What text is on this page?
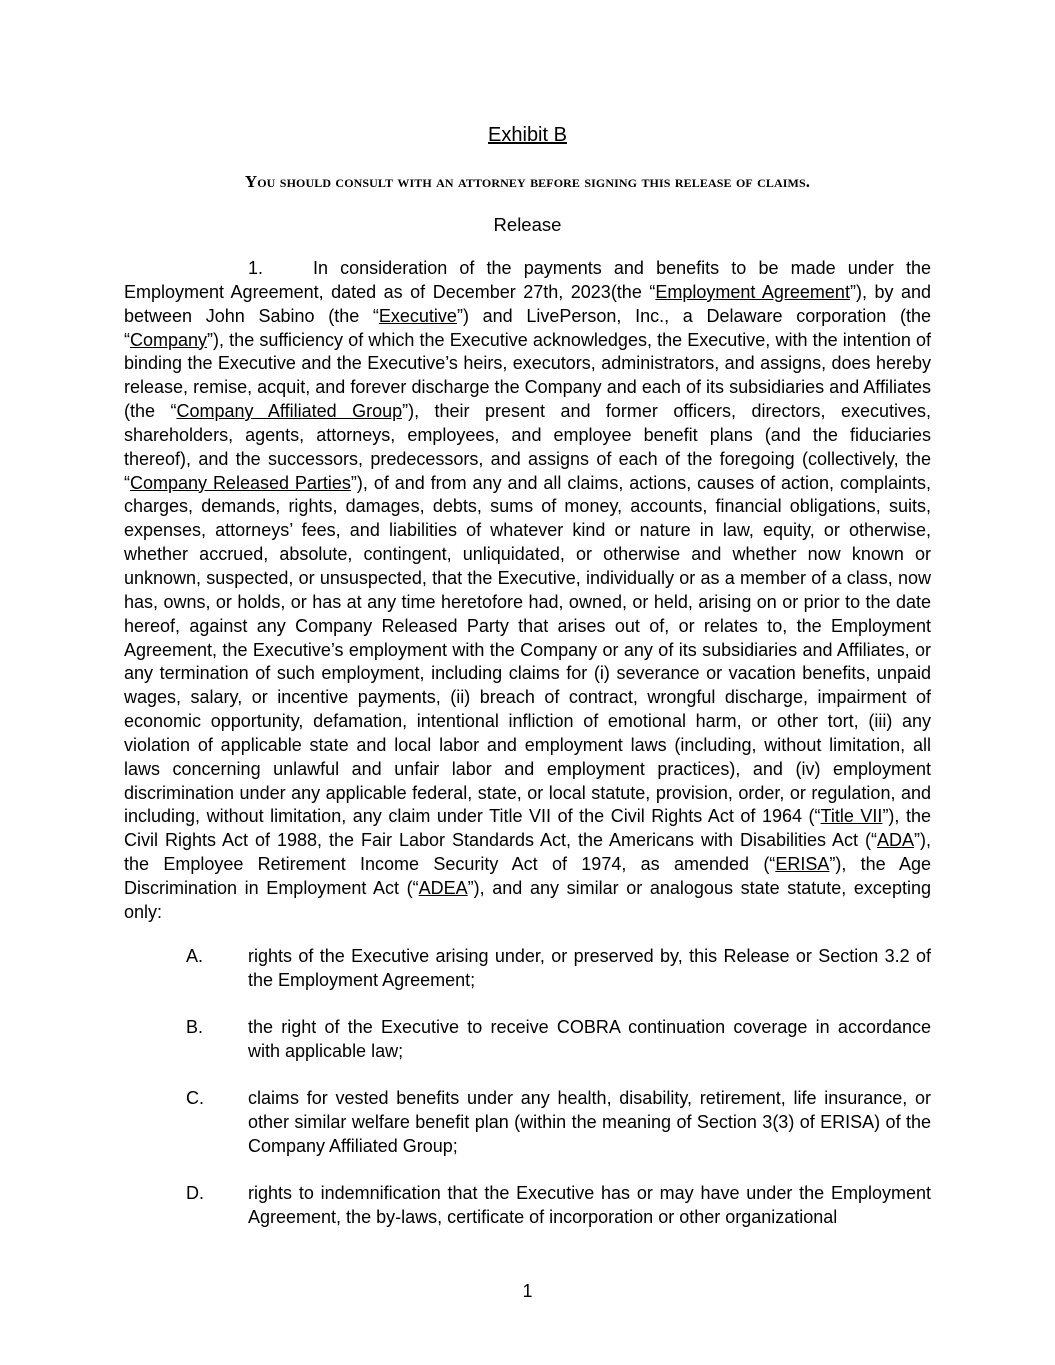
Exhibit B
You should consult with an attorney before signing this release of claims.
Release
1.	In consideration of the payments and benefits to be made under the Employment Agreement, dated as of December 27th, 2023(the “Employment Agreement”), by and between John Sabino (the “Executive”) and LivePerson, Inc., a Delaware corporation (the “Company”), the sufficiency of which the Executive acknowledges, the Executive, with the intention of binding the Executive and the Executive’s heirs, executors, administrators, and assigns, does hereby release, remise, acquit, and forever discharge the Company and each of its subsidiaries and Affiliates (the “Company Affiliated Group”), their present and former officers, directors, executives, shareholders, agents, attorneys, employees, and employee benefit plans (and the fiduciaries thereof), and the successors, predecessors, and assigns of each of the foregoing (collectively, the “Company Released Parties”), of and from any and all claims, actions, causes of action, complaints, charges, demands, rights, damages, debts, sums of money, accounts, financial obligations, suits, expenses, attorneys’ fees, and liabilities of whatever kind or nature in law, equity, or otherwise, whether accrued, absolute, contingent, unliquidated, or otherwise and whether now known or unknown, suspected, or unsuspected, that the Executive, individually or as a member of a class, now has, owns, or holds, or has at any time heretofore had, owned, or held, arising on or prior to the date hereof, against any Company Released Party that arises out of, or relates to, the Employment Agreement, the Executive’s employment with the Company or any of its subsidiaries and Affiliates, or any termination of such employment, including claims for (i) severance or vacation benefits, unpaid wages, salary, or incentive payments, (ii) breach of contract, wrongful discharge, impairment of economic opportunity, defamation, intentional infliction of emotional harm, or other tort, (iii) any violation of applicable state and local labor and employment laws (including, without limitation, all laws concerning unlawful and unfair labor and employment practices), and (iv) employment discrimination under any applicable federal, state, or local statute, provision, order, or regulation, and including, without limitation, any claim under Title VII of the Civil Rights Act of 1964 (“Title VII”), the Civil Rights Act of 1988, the Fair Labor Standards Act, the Americans with Disabilities Act (“ADA”), the Employee Retirement Income Security Act of 1974, as amended (“ERISA”), the Age Discrimination in Employment Act (“ADEA”), and any similar or analogous state statute, excepting only:
A.	rights of the Executive arising under, or preserved by, this Release or Section 3.2 of the Employment Agreement;
B.	the right of the Executive to receive COBRA continuation coverage in accordance with applicable law;
C.	claims for vested benefits under any health, disability, retirement, life insurance, or other similar welfare benefit plan (within the meaning of Section 3(3) of ERISA) of the Company Affiliated Group;
D.	rights to indemnification that the Executive has or may have under the Employment Agreement, the by-laws, certificate of incorporation or other organizational
1
